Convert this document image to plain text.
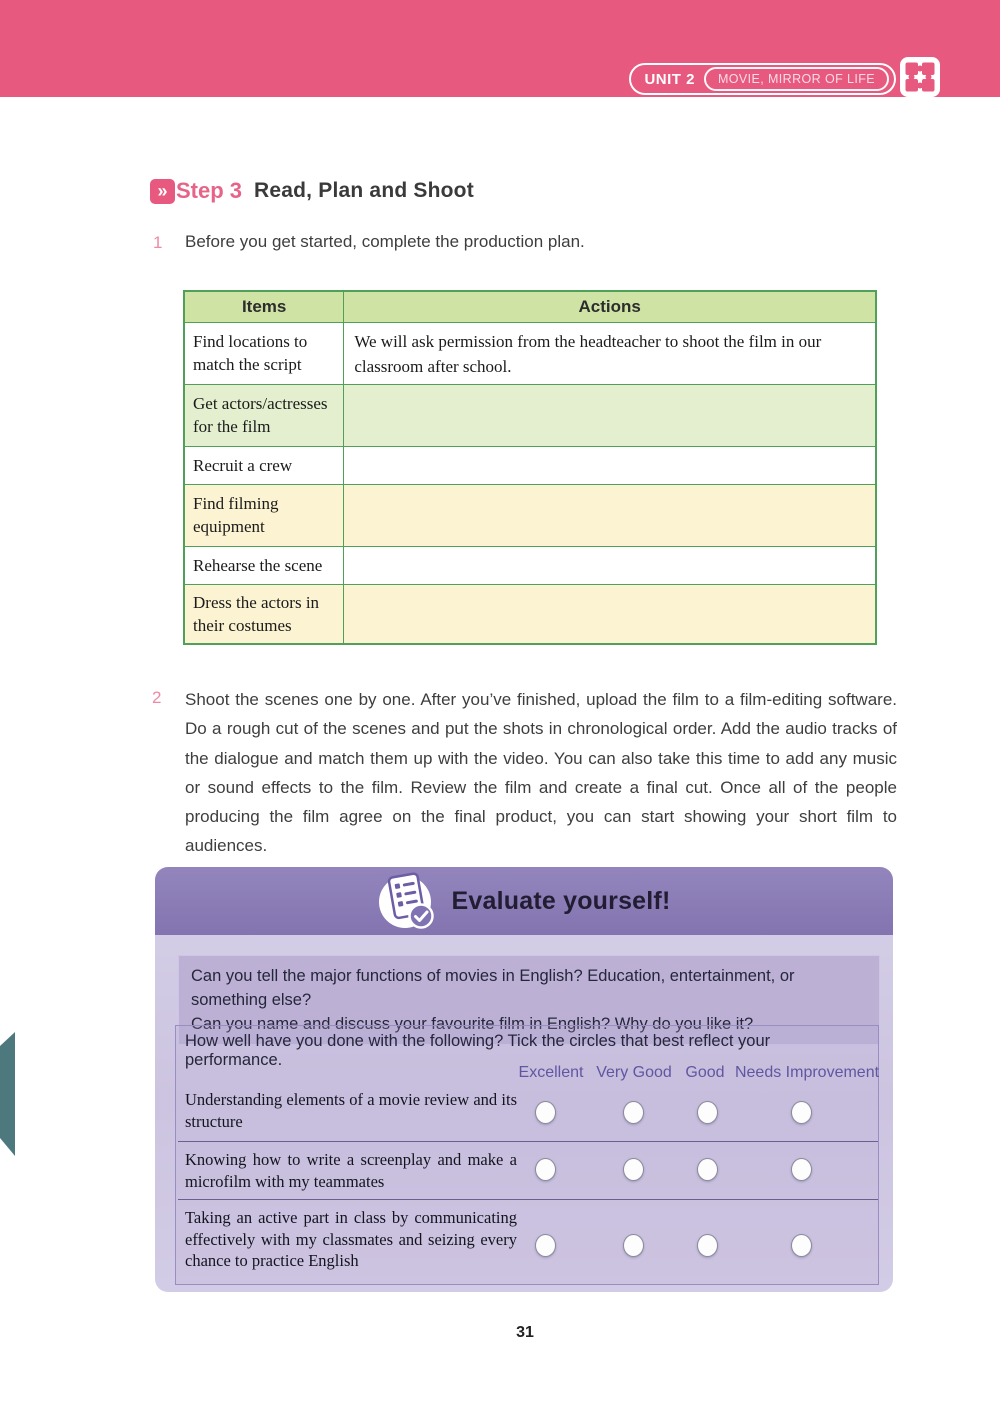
UNIT 2	MOVIE, MIRROR OF LIFE
» Step 3 Read, Plan and Shoot
1 Before you get started, complete the production plan.
Items	Actions
Find locations to match the script	We will ask permission from the headteacher to shoot the film in our classroom after school.
Get actors/actresses for the film	
Recruit a crew	
Find filming equipment	
Rehearse the scene	
Dress the actors in their costumes	
2 Shoot the scenes one by one. After you’ve finished, upload the film to a film-editing software. Do a rough cut of the scenes and put the shots in chronological order. Add the audio tracks of the dialogue and match them up with the video. You can also take this time to add any music or sound effects to the film. Review the film and create a final cut. Once all of the people producing the film agree on the final product, you can start showing your short film to audiences.

Evaluate yourself!
Can you tell the major functions of movies in English? Education, entertainment, or something else?
Can you name and discuss your favourite film in English? Why do you like it?
How well have you done with the following? Tick the circles that best reflect your performance.
Excellent Very Good Good Needs Improvement
Understanding elements of a movie review and its structure
Knowing how to write a screenplay and make a microfilm with my teammates
Taking an active part in class by communicating effectively with my classmates and seizing every chance to practice English
31
